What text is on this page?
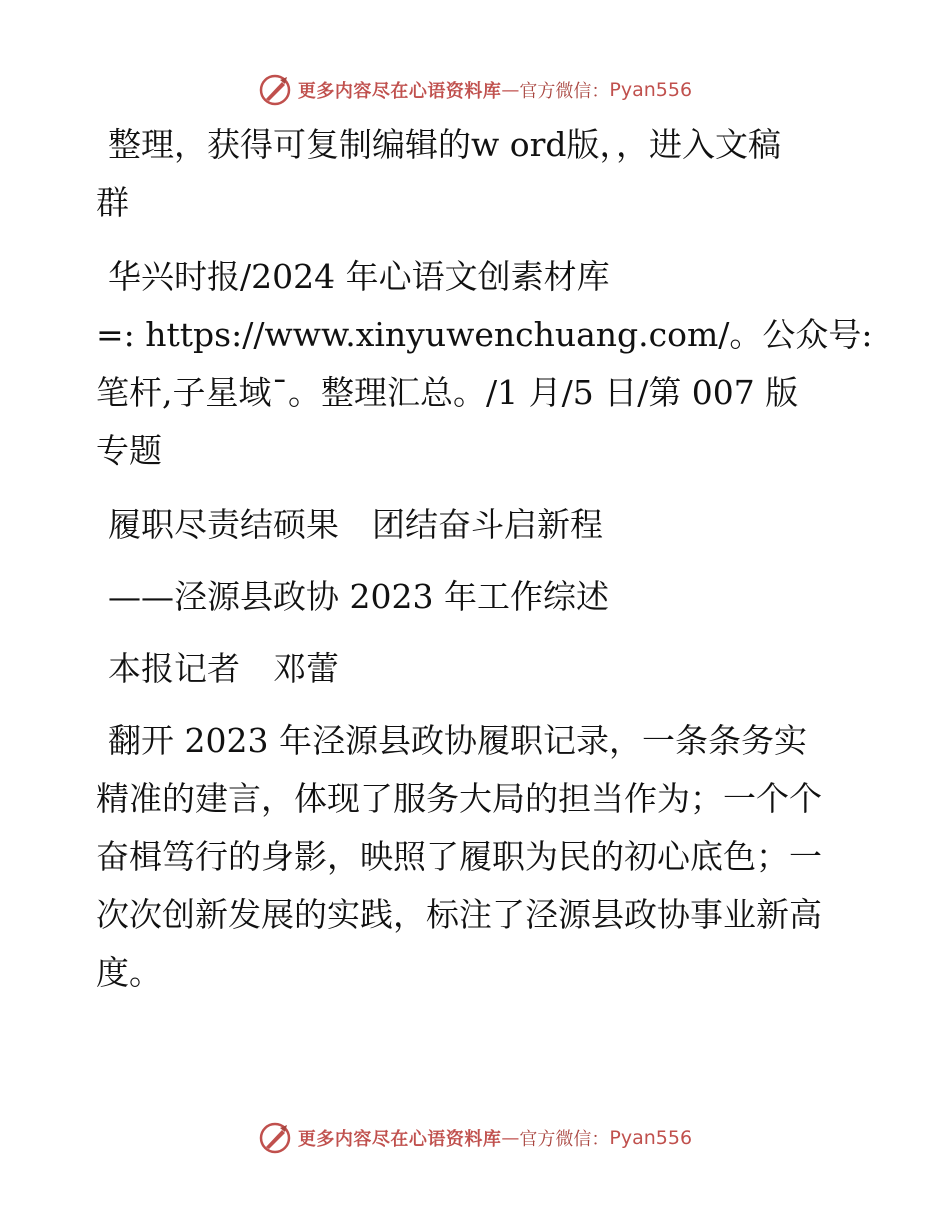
更多内容尽在心语资料库 — 官方微信： Pyan556
整理，获得可复制编辑的w ord版，，进入文稿
群
华兴时报/2024 年心语文创素材库
=: https://www.xinyuwenchuang.com/。公众号:
笔杆,子星域¯。整理汇总。/1 月/5 日/第 007 版
专题
履职尽责结硕果　团结奋斗启新程
——泾源县政协 2023 年工作综述
本报记者　邓蕾
翻开 2023 年泾源县政协履职记录，一条条务实
精准的建言，体现了服务大局的担当作为；一个个
奋楫笃行的身影，映照了履职为民的初心底色；一
次次创新发展的实践，标注了泾源县政协事业新高
度。
更多内容尽在心语资料库 — 官方微信： Pyan556
